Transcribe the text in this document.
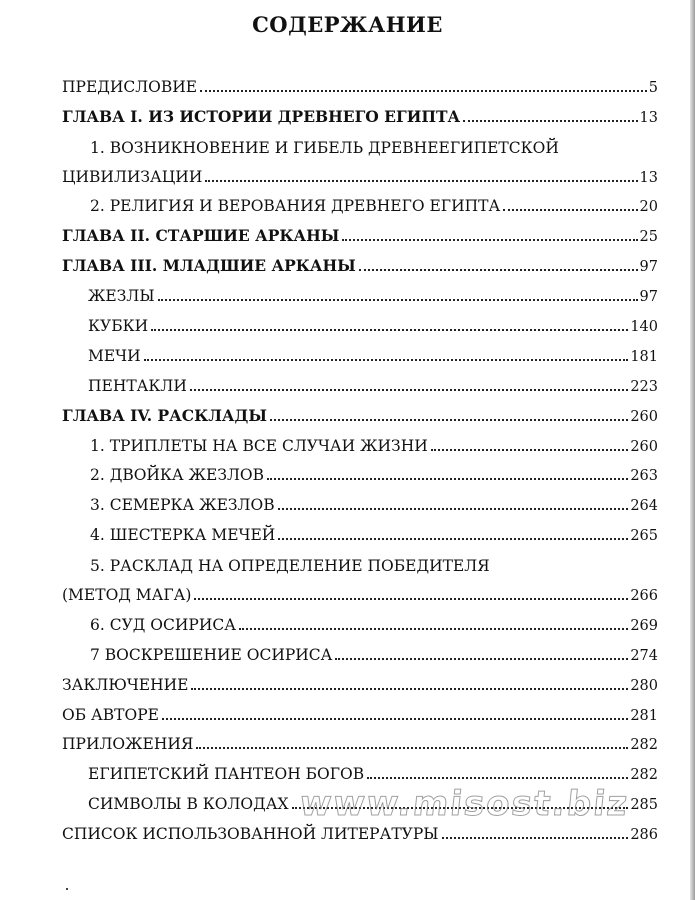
СОДЕРЖАНИЕ
ПРЕДИСЛОВИЕ	5
ГЛАВА I. ИЗ ИСТОРИИ ДРЕВНЕГО ЕГИПТА	13
1. ВОЗНИКНОВЕНИЕ И ГИБЕЛЬ ДРЕВНЕЕГИПЕТСКОЙ
ЦИВИЛИЗАЦИИ	13
2. РЕЛИГИЯ И ВЕРОВАНИЯ ДРЕВНЕГО ЕГИПТА	20
ГЛАВА II. СТАРШИЕ АРКАНЫ	25
ГЛАВА III. МЛАДШИЕ АРКАНЫ	97
ЖЕЗЛЫ	97
КУБКИ	140
МЕЧИ	181
ПЕНТАКЛИ	223
ГЛАВА IV. РАСКЛАДЫ	260
1. ТРИПЛЕТЫ НА ВСЕ СЛУЧАИ ЖИЗНИ	260
2. ДВОЙКА ЖЕЗЛОВ	263
3. СЕМЕРКА ЖЕЗЛОВ	264
4. ШЕСТЕРКА МЕЧЕЙ	265
5. РАСКЛАД НА ОПРЕДЕЛЕНИЕ ПОБЕДИТЕЛЯ
(МЕТОД МАГА)	266
6. СУД ОСИРИСА	269
7 ВОСКРЕШЕНИЕ ОСИРИСА	274
ЗАКЛЮЧЕНИЕ	280
ОБ АВТОРЕ	281
ПРИЛОЖЕНИЯ	282
ЕГИПЕТСКИЙ ПАНТЕОН БОГОВ	282
СИМВОЛЫ В КОЛОДАХ	285
СПИСОК ИСПОЛЬЗОВАННОЙ ЛИТЕРАТУРЫ	286
www.misost.biz
